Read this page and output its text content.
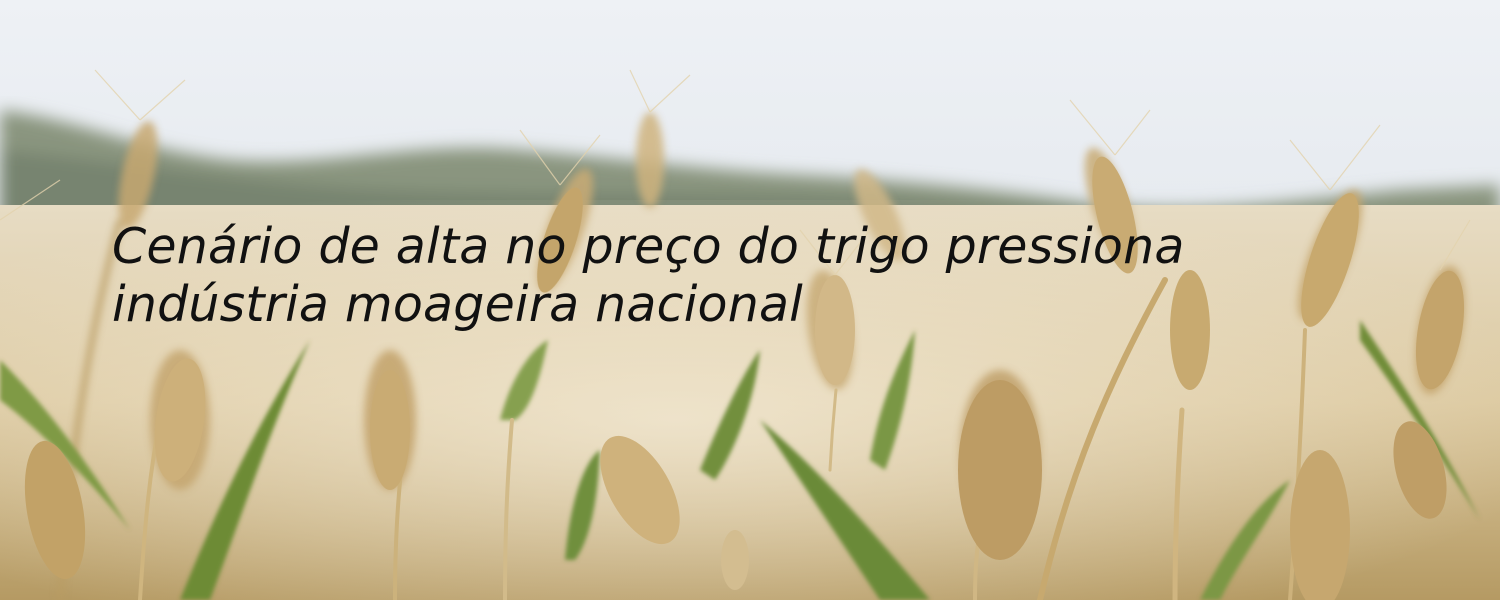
Cenário de alta no preço do trigo pressiona
indústria moageira nacional
